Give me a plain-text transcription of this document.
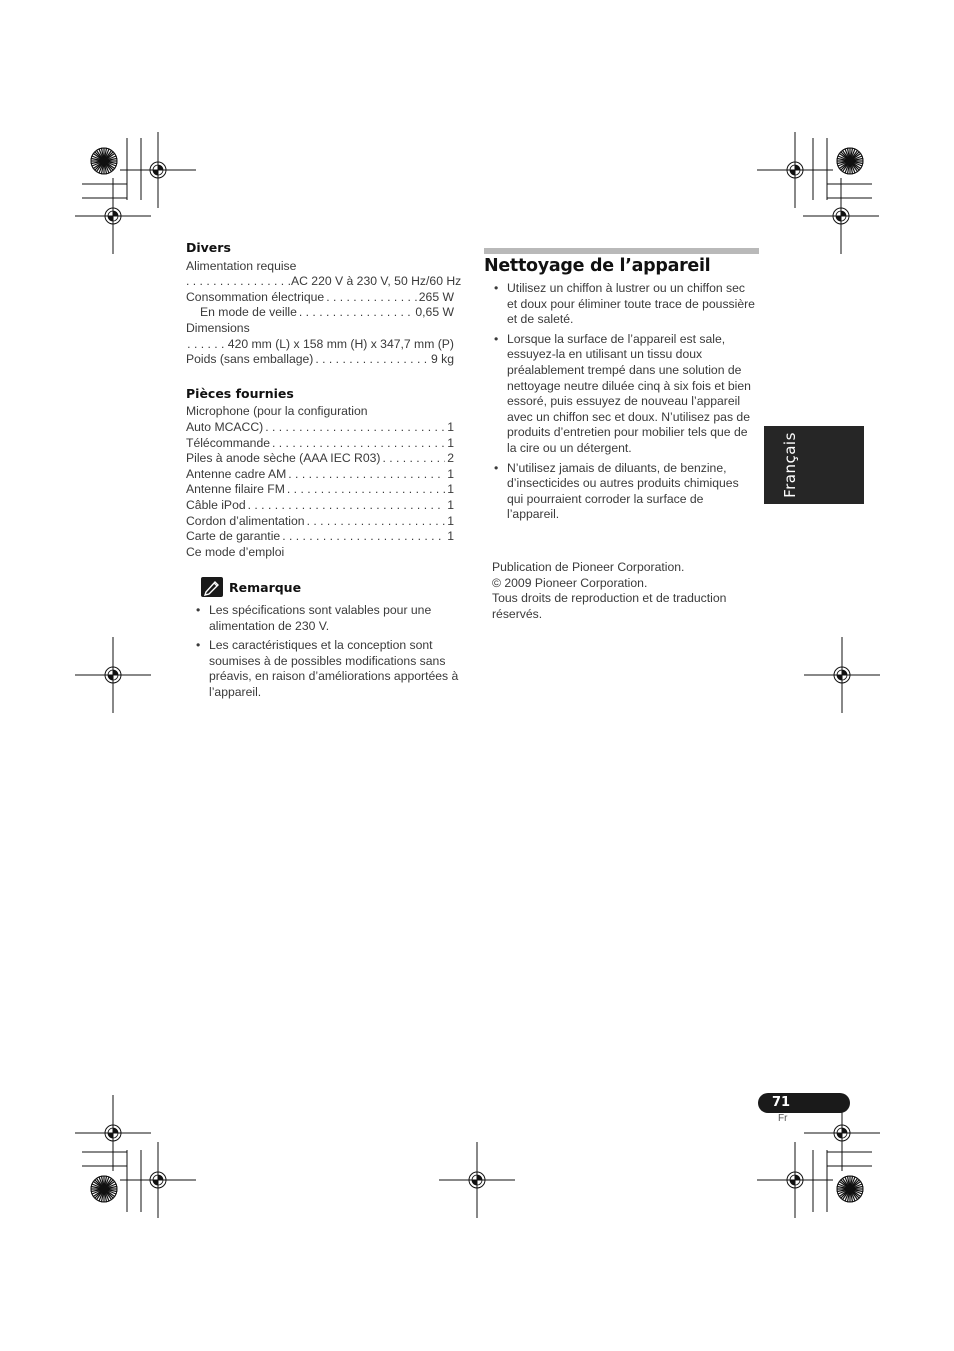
Divers
Alimentation requise
. . . . . . . . . . . . . . . .AC 220 V à 230 V, 50 Hz/60 Hz
Consommation électrique . . .	265 W
En mode de veille . . .	0,65 W
Dimensions
. . . . . . 420 mm (L) x 158 mm (H) x 347,7 mm (P)
Poids (sans emballage) . . .	9 kg
Pièces fournies
Microphone (pour la configuration
Auto MCACC) . . .	1
Télécommande . . .	1
Piles à anode sèche (AAA IEC R03) . . .	2
Antenne cadre AM . . .	1
Antenne filaire FM . . .	1
Câble iPod . . .	1
Cordon d’alimentation . . .	1
Carte de garantie . . .	1
Ce mode d’emploi
Remarque
• Les spécifications sont valables pour une alimentation de 230 V.
• Les caractéristiques et la conception sont soumises à de possibles modifications sans préavis, en raison d’améliorations apportées à l’appareil.
Nettoyage de l’appareil
• Utilisez un chiffon à lustrer ou un chiffon sec et doux pour éliminer toute trace de poussière et de saleté.
• Lorsque la surface de l’appareil est sale, essuyez-la en utilisant un tissu doux préalablement trempé dans une solution de nettoyage neutre diluée cinq à six fois et bien essoré, puis essuyez de nouveau l’appareil avec un chiffon sec et doux. N’utilisez pas de produits d’entretien pour mobilier tels que de la cire ou un détergent.
• N’utilisez jamais de diluants, de benzine, d’insecticides ou autres produits chimiques qui pourraient corroder la surface de l’appareil.
Publication de Pioneer Corporation.
© 2009 Pioneer Corporation.
Tous droits de reproduction et de traduction réservés.
Français
71
Fr
